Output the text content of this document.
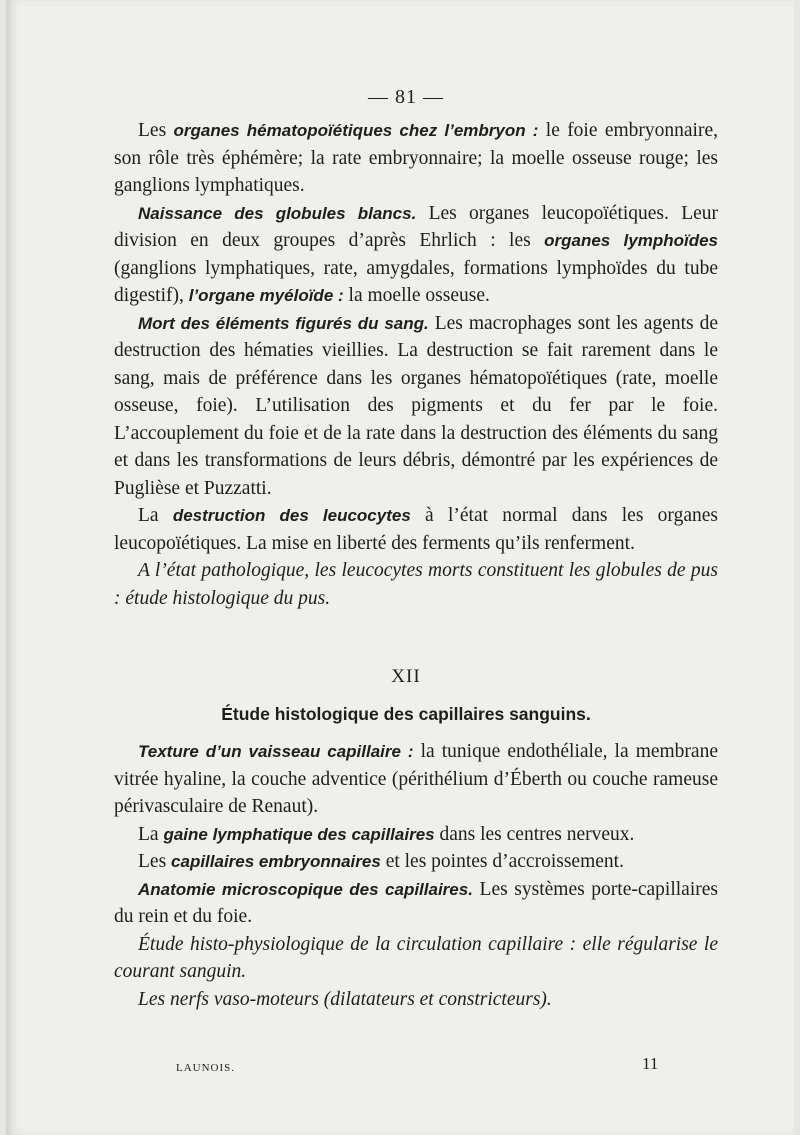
— 81 —

Les organes hématopoïétiques chez l’embryon : le foie embryonnaire, son rôle très éphémère; la rate embryonnaire; la moelle osseuse rouge; les ganglions lymphatiques.

Naissance des globules blancs. Les organes leucopoïétiques. Leur division en deux groupes d’après Ehrlich : les organes lymphoïdes (ganglions lymphatiques, rate, amygdales, formations lymphoïdes du tube digestif), l’organe myéloïde : la moelle osseuse.

Mort des éléments figurés du sang. Les macrophages sont les agents de destruction des hématies vieillies. La destruction se fait rarement dans le sang, mais de préférence dans les organes hématopoïétiques (rate, moelle osseuse, foie). L’utilisation des pigments et du fer par le foie. L’accouplement du foie et de la rate dans la destruction des éléments du sang et dans les transformations de leurs débris, démontré par les expériences de Puglièse et Puzzatti.

La destruction des leucocytes à l’état normal dans les organes leucopoïétiques. La mise en liberté des ferments qu’ils renferment.

A l’état pathologique, les leucocytes morts constituent les globules de pus : étude histologique du pus.

XII
Étude histologique des capillaires sanguins.

Texture d’un vaisseau capillaire : la tunique endothéliale, la membrane vitrée hyaline, la couche adventice (périthélium d’Éberth ou couche rameuse périvasculaire de Renaut).

La gaine lymphatique des capillaires dans les centres nerveux.

Les capillaires embryonnaires et les pointes d’accroissement.

Anatomie microscopique des capillaires. Les systèmes porte-capillaires du rein et du foie.

Étude histo-physiologique de la circulation capillaire : elle régularise le courant sanguin.

Les nerfs vaso-moteurs (dilatateurs et constricteurs).

LAUNOIS.	11
